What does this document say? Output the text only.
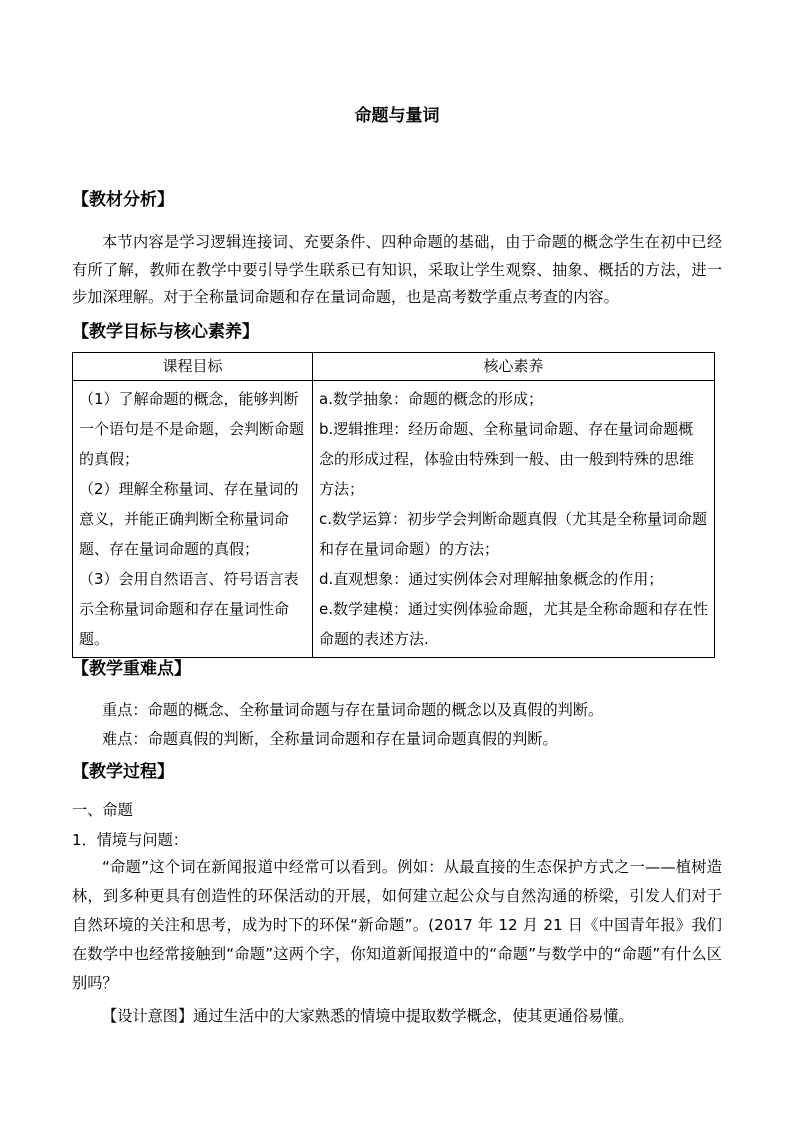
命题与量词
【教材分析】
本节内容是学习逻辑连接词、充要条件、四种命题的基础，由于命题的概念学生在初中已经有所了解，教师在教学中要引导学生联系已有知识，采取让学生观察、抽象、概括的方法，进一步加深理解。对于全称量词命题和存在量词命题，也是高考数学重点考查的内容。
【教学目标与核心素养】
课程目标	核心素养

（1）了解命题的概念，能够判断一个语句是不是命题，会判断命题的真假；
（2）理解全称量词、存在量词的意义，并能正确判断全称量词命题、存在量词命题的真假；
（3）会用自然语言、符号语言表示全称量词命题和存在量词性命题。	a.数学抽象：命题的概念的形成；
b.逻辑推理：经历命题、全称量词命题、存在量词命题概念的形成过程，体验由特殊到一般、由一般到特殊的思维方法；
c.数学运算：初步学会判断命题真假（尤其是全称量词命题和存在量词命题）的方法；
d.直观想象：通过实例体会对理解抽象概念的作用；
e.数学建模：通过实例体验命题，尤其是全称命题和存在性命题的表述方法.
【教学重难点】
重点：命题的概念、全称量词命题与存在量词命题的概念以及真假的判断。
难点：命题真假的判断，全称量词命题和存在量词命题真假的判断。
【教学过程】
一、命题
1．情境与问题：
“命题”这个词在新闻报道中经常可以看到。例如：从最直接的生态保护方式之一——植树造林，到多种更具有创造性的环保活动的开展，如何建立起公众与自然沟通的桥梁，引发人们对于自然环境的关注和思考，成为时下的环保“新命题”。(2017 年 12 月 21 日《中国青年报》我们在数学中也经常接触到“命题”这两个字，你知道新闻报道中的“命题”与数学中的“命题”有什么区别吗？
【设计意图】通过生活中的大家熟悉的情境中提取数学概念，使其更通俗易懂。
